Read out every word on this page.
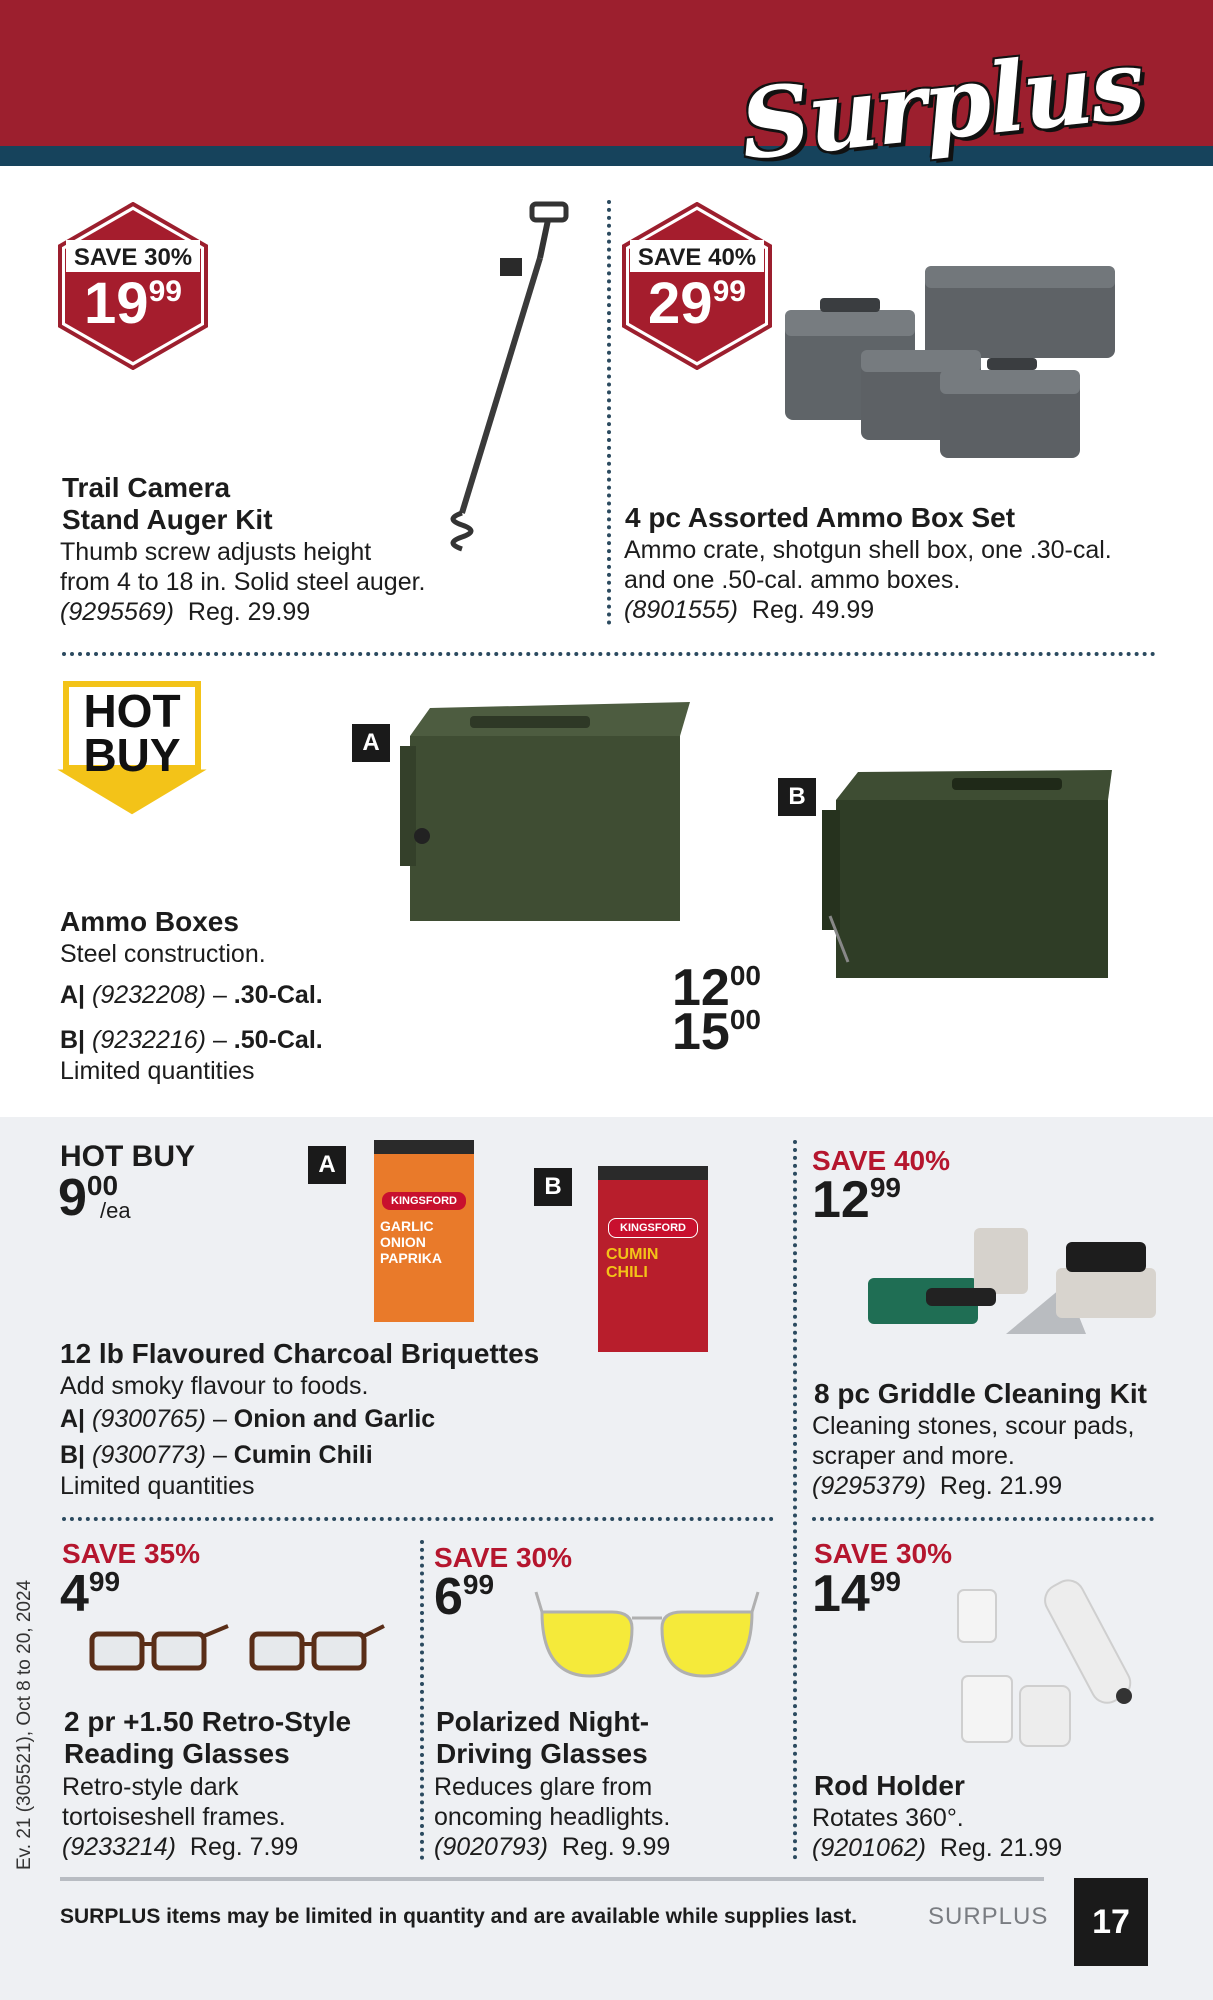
Surplus
SAVE 30%
1999
Trail Camera
Stand Auger Kit
Thumb screw adjusts height
from 4 to 18 in. Solid steel auger.
(9295569) Reg. 29.99
SAVE 40%
2999
4 pc Assorted Ammo Box Set
Ammo crate, shotgun shell box, one .30-cal.
and one .50-cal. ammo boxes.
(8901555) Reg. 49.99
HOT
BUY	A
B
Ammo Boxes
Steel construction.
A| (9232208) – .30-Cal.
B| (9232216) – .50-Cal.
Limited quantities
1200
1500
HOT BUY
900
/ea
A
KINGSFORD
GARLIC ONION PAPRIKA
B
KINGSFORD
CUMIN CHILI
12 lb Flavoured Charcoal Briquettes
Add smoky flavour to foods.
A| (9300765) – Onion and Garlic
B| (9300773) – Cumin Chili
Limited quantities
SAVE 40%
1299
8 pc Griddle Cleaning Kit
Cleaning stones, scour pads,
scraper and more.
(9295379) Reg. 21.99
SAVE 35%
499
2 pr +1.50 Retro-Style
Reading Glasses
Retro-style dark
tortoiseshell frames.
(9233214) Reg. 7.99
SAVE 30%
699
Polarized Night-
Driving Glasses
Reduces glare from
oncoming headlights.
(9020793) Reg. 9.99
SAVE 30%
1499
Rod Holder
Rotates 360°.
(9201062) Reg. 21.99
Ev. 21 (305521), Oct 8 to 20, 2024
SURPLUS items may be limited in quantity and are available while supplies last.	SURPLUS	17
